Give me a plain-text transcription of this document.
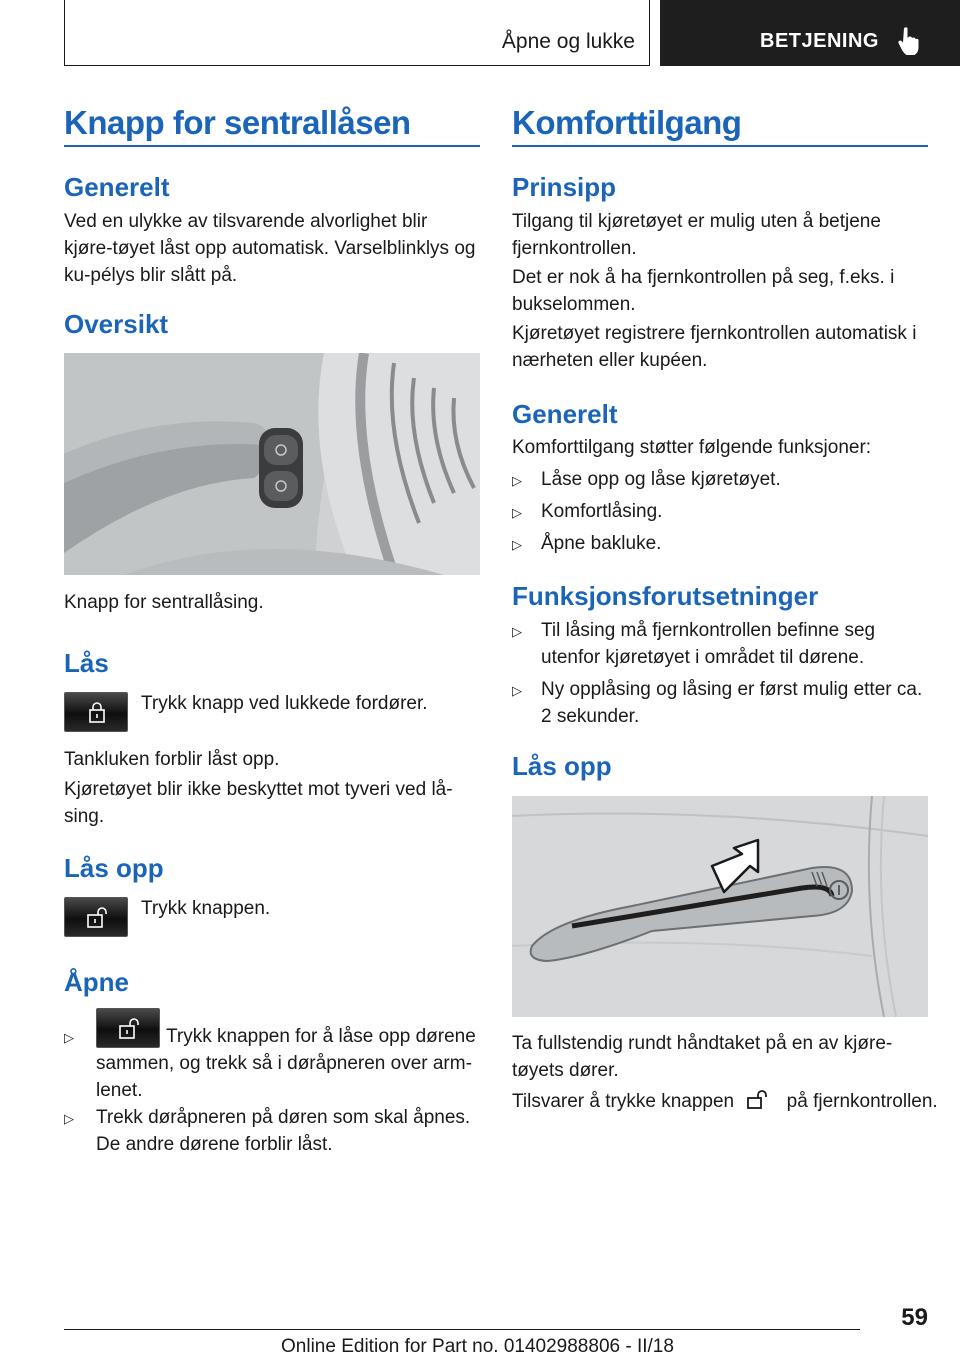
Åpne og lukke	BETJENING
Knapp for sentrallåsen
Generelt
Ved en ulykke av tilsvarende alvorlighet blir kjøre-tøyet låst opp automatisk. Varselblinklys og ku-pélys blir slått på.
Oversikt
Knapp for sentrallåsing.
Lås
Trykk knapp ved lukkede fordører.
Tankluken forblir låst opp.
Kjøretøyet blir ikke beskyttet mot tyveri ved lå-sing.
Lås opp
Trykk knappen.
Åpne
▷	Trykk knappen for å låse opp dørene sammen, og trekk så i døråpneren over arm-lenet.
▷ Trekk døråpneren på døren som skal åpnes. De andre dørene forblir låst.
Komforttilgang
Prinsipp
Tilgang til kjøretøyet er mulig uten å betjene fjernkontrollen.
Det er nok å ha fjernkontrollen på seg, f.eks. i bukselommen.
Kjøretøyet registrere fjernkontrollen automatisk i nærheten eller kupéen.
Generelt
Komforttilgang støtter følgende funksjoner:
▷ Låse opp og låse kjøretøyet.
▷ Komfortlåsing.
▷ Åpne bakluke.
Funksjonsforutsetninger
▷ Til låsing må fjernkontrollen befinne seg utenfor kjøretøyet i området til dørene.
▷ Ny opplåsing og låsing er først mulig etter ca. 2 sekunder.
Lås opp
Ta fullstendig rundt håndtaket på en av kjøre-tøyets dører.
Tilsvarer å trykke knappen	på fjernkontrollen.
59
Online Edition for Part no. 01402988806 - II/18
